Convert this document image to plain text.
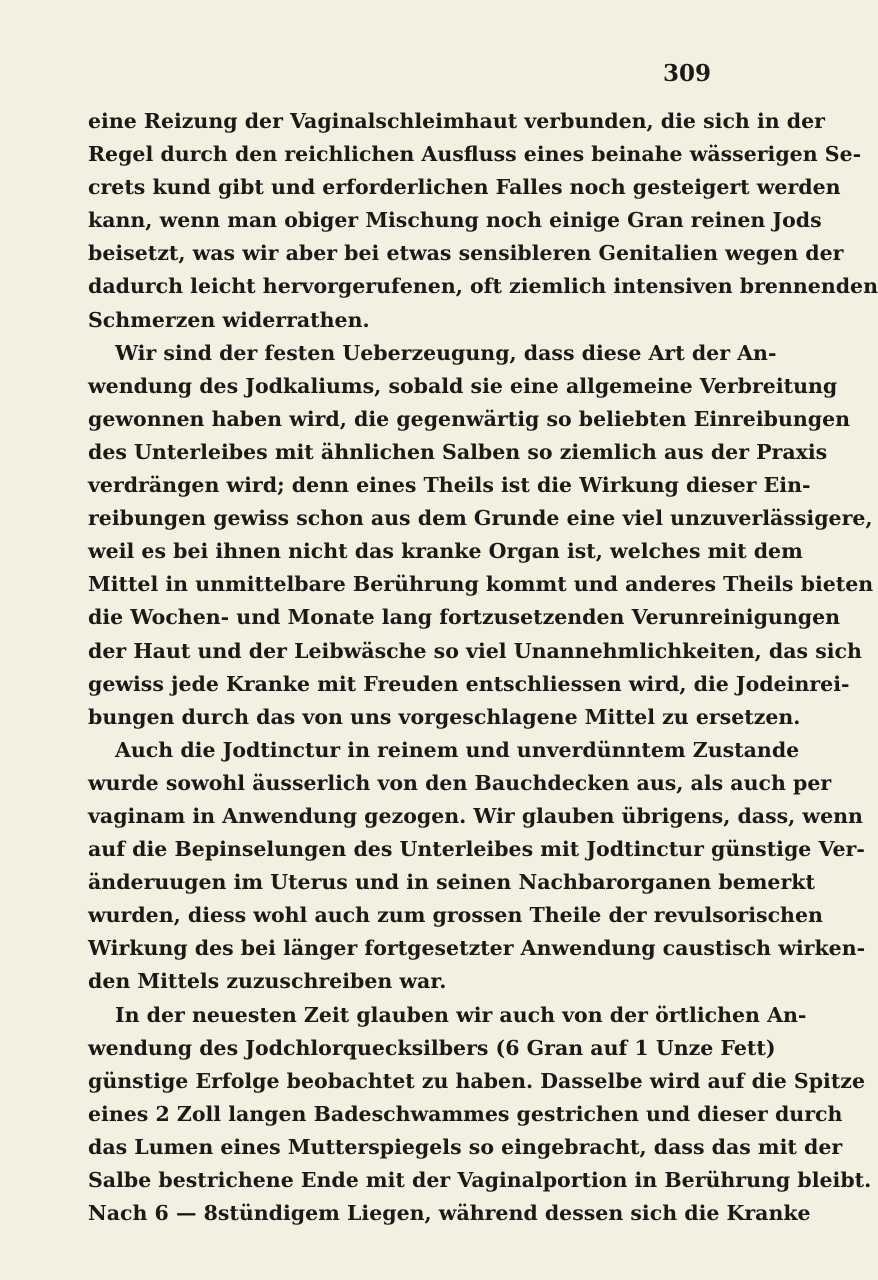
309

eine Reizung der Vaginalschleimhaut verbunden, die sich in der
Regel durch den reichlichen Ausfluss eines beinahe wässerigen Se-
crets kund gibt und erforderlichen Falles noch gesteigert werden
kann, wenn man obiger Mischung noch einige Gran reinen Jods
beisetzt, was wir aber bei etwas sensibleren Genitalien wegen der
dadurch leicht hervorgerufenen, oft ziemlich intensiven brennenden
Schmerzen widerrathen.

Wir sind der festen Ueberzeugung, dass diese Art der An-
wendung des Jodkaliums, sobald sie eine allgemeine Verbreitung
gewonnen haben wird, die gegenwärtig so beliebten Einreibungen
des Unterleibes mit ähnlichen Salben so ziemlich aus der Praxis
verdrängen wird; denn eines Theils ist die Wirkung dieser Ein-
reibungen gewiss schon aus dem Grunde eine viel unzuverlässigere,
weil es bei ihnen nicht das kranke Organ ist, welches mit dem
Mittel in unmittelbare Berührung kommt und anderes Theils bieten
die Wochen- und Monate lang fortzusetzenden Verunreinigungen
der Haut und der Leibwäsche so viel Unannehmlichkeiten, das sich
gewiss jede Kranke mit Freuden entschliessen wird, die Jodeinrei-
bungen durch das von uns vorgeschlagene Mittel zu ersetzen.

Auch die Jodtinctur in reinem und unverdünntem Zustande
wurde sowohl äusserlich von den Bauchdecken aus, als auch per
vaginam in Anwendung gezogen. Wir glauben übrigens, dass, wenn
auf die Bepinselungen des Unterleibes mit Jodtinctur günstige Ver-
änderuugen im Uterus und in seinen Nachbarorganen bemerkt
wurden, diess wohl auch zum grossen Theile der revulsorischen
Wirkung des bei länger fortgesetzter Anwendung caustisch wirken-
den Mittels zuzuschreiben war.

In der neuesten Zeit glauben wir auch von der örtlichen An-
wendung des Jodchlorquecksilbers (6 Gran auf 1 Unze Fett)
günstige Erfolge beobachtet zu haben. Dasselbe wird auf die Spitze
eines 2 Zoll langen Badeschwammes gestrichen und dieser durch
das Lumen eines Mutterspiegels so eingebracht, dass das mit der
Salbe bestrichene Ende mit der Vaginalportion in Berührung bleibt.
Nach 6 — 8stündigem Liegen, während dessen sich die Kranke
